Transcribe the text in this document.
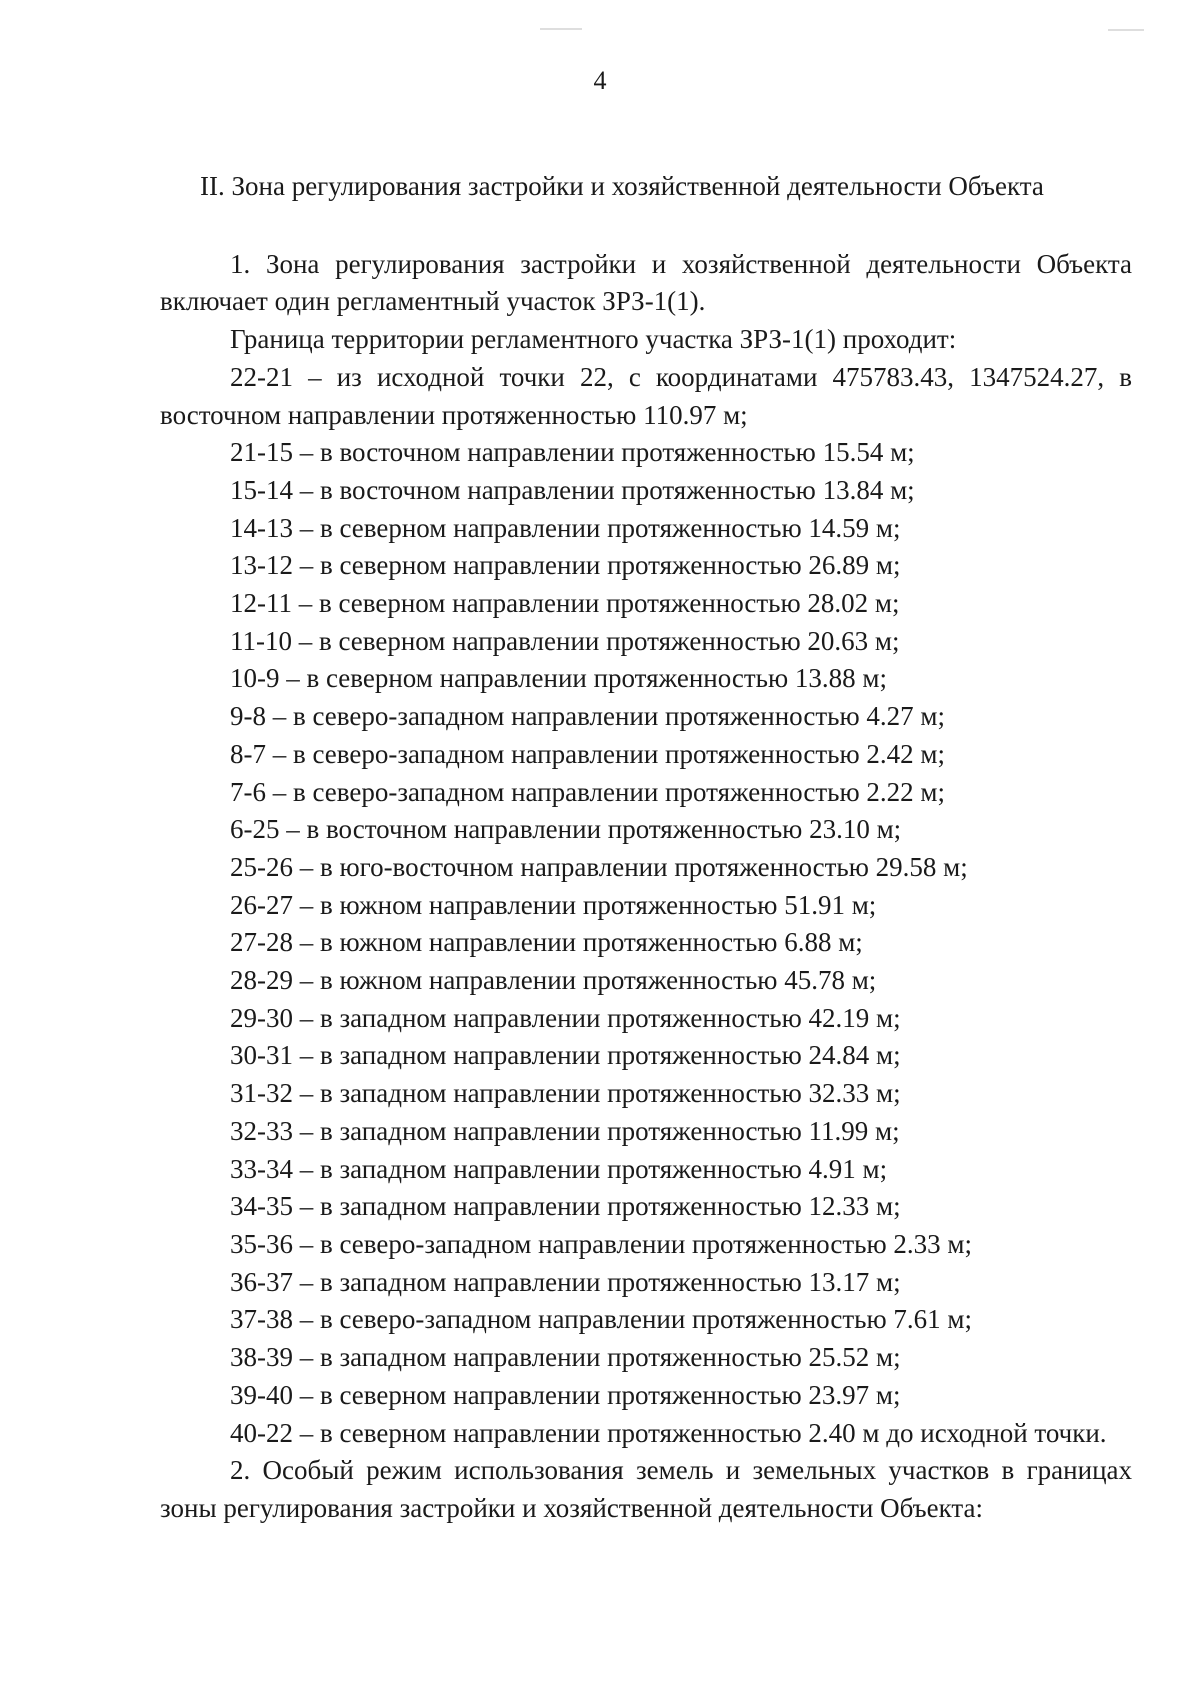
4
II. Зона регулирования застройки и хозяйственной деятельности Объекта

1. Зона регулирования застройки и хозяйственной деятельности Объекта включает один регламентный участок ЗРЗ-1(1).

Граница территории регламентного участка ЗРЗ-1(1) проходит:

22-21 – из исходной точки 22, с координатами 475783.43, 1347524.27, в восточном направлении протяженностью 110.97 м;

21-15 – в восточном направлении протяженностью 15.54 м;

15-14 – в восточном направлении протяженностью 13.84 м;

14-13 – в северном направлении протяженностью 14.59 м;

13-12 – в северном направлении протяженностью 26.89 м;

12-11 – в северном направлении протяженностью 28.02 м;

11-10 – в северном направлении протяженностью 20.63 м;

10-9 – в северном направлении протяженностью 13.88 м;

9-8 – в северо-западном направлении протяженностью 4.27 м;

8-7 – в северо-западном направлении протяженностью 2.42 м;

7-6 – в северо-западном направлении протяженностью 2.22 м;

6-25 – в восточном направлении протяженностью 23.10 м;

25-26 – в юго-восточном направлении протяженностью 29.58 м;

26-27 – в южном направлении протяженностью 51.91 м;

27-28 – в южном направлении протяженностью 6.88 м;

28-29 – в южном направлении протяженностью 45.78 м;

29-30 – в западном направлении протяженностью 42.19 м;

30-31 – в западном направлении протяженностью 24.84 м;

31-32 – в западном направлении протяженностью 32.33 м;

32-33 – в западном направлении протяженностью 11.99 м;

33-34 – в западном направлении протяженностью 4.91 м;

34-35 – в западном направлении протяженностью 12.33 м;

35-36 – в северо-западном направлении протяженностью 2.33 м;

36-37 – в западном направлении протяженностью 13.17 м;

37-38 – в северо-западном направлении протяженностью 7.61 м;

38-39 – в западном направлении протяженностью 25.52 м;

39-40 – в северном направлении протяженностью 23.97 м;

40-22 – в северном направлении протяженностью 2.40 м до исходной точки.

2. Особый режим использования земель и земельных участков в границах зоны регулирования застройки и хозяйственной деятельности Объекта:
